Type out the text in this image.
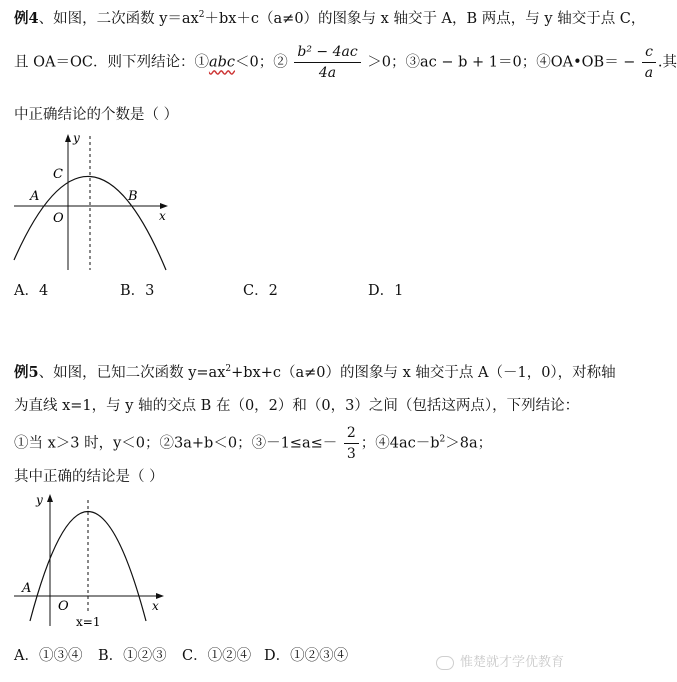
例4、如图，二次函数 $y=ax^2+bx+c(a\ne 0)$的图象与 x 轴交于 A，B 两点，与 y 轴交于点 C，
且 OA＝OC．则下列结论：①abc＜0；② $\frac{\text{b² − 4ac}}{4a} >0$；③ac − b + 1＝0；④OA•OB＝ − $\frac{c}{a}$ .其
中正确结论的个数是（ ）
y
C
A
O
B
x
A．4	B．3	C．2	D．1
例5、如图，已知二次函数 $y=ax^2+bx+c(a\ne 0)$的图象与 x 轴交于点 A（－1，0），对称轴
为直线 x=1，与 y 轴的交点 B 在（0，2）和（0，3）之间（包括这两点），下列结论：
①当 x＞3 时，y＜0；②3a+b＜0；③－1≤a≤－ $\frac{2}{3}$ ；$④4ac-b^2>8a$；
其中正确的结论是（ ）
y
A
O	x
x=1
A．①③④ B．①②③ C．①②④ D．①②③④	惟楚就才学优教育
